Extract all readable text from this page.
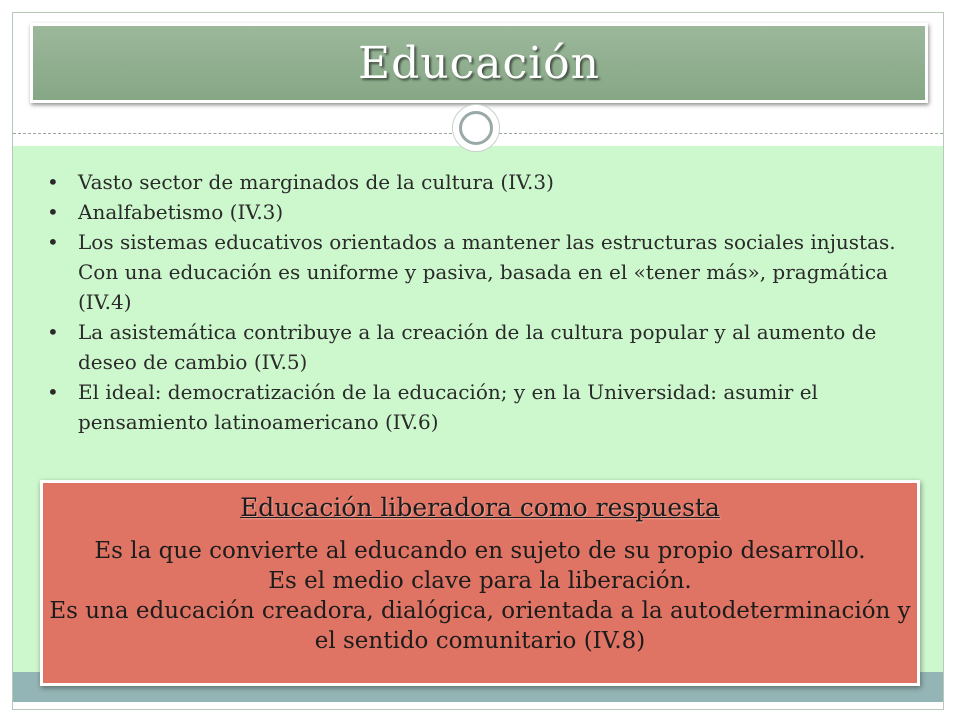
Educación
• Vasto sector de marginados de la cultura (IV.3)
• Analfabetismo (IV.3)
• Los sistemas educativos orientados a mantener las estructuras sociales injustas. Con una educación es uniforme y pasiva, basada en el «tener más», pragmática (IV.4)
• La asistemática contribuye a la creación de la cultura popular y al aumento de deseo de cambio (IV.5)
• El ideal: democratización de la educación; y en la Universidad: asumir el pensamiento latinoamericano (IV.6)
Educación liberadora como respuesta

Es la que convierte al educando en sujeto de su propio desarrollo.
Es el medio clave para la liberación.
Es una educación creadora, dialógica, orientada a la autodeterminación y el sentido comunitario (IV.8)
